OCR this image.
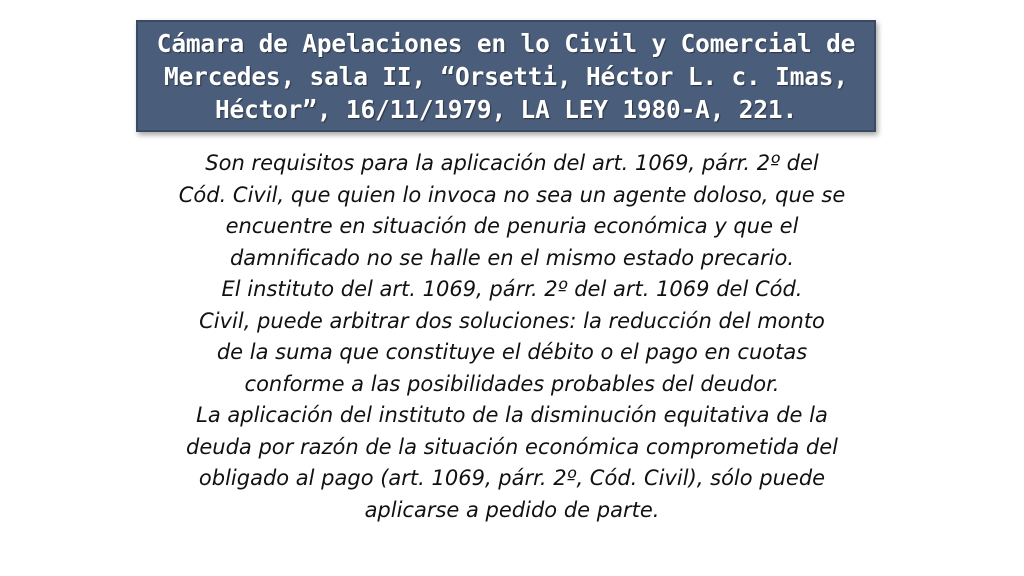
Cámara de Apelaciones en lo Civil y Comercial de
Mercedes, sala II, “Orsetti, Héctor L. c. Imas,
Héctor”, 16/11/1979, LA LEY 1980-A, 221.

Son requisitos para la aplicación del art. 1069, párr. 2º del
Cód. Civil, que quien lo invoca no sea un agente doloso, que se
encuentre en situación de penuria económica y que el
damnificado no se halle en el mismo estado precario.

El instituto del art. 1069, párr. 2º del art. 1069 del Cód.
Civil, puede arbitrar dos soluciones: la reducción del monto
de la suma que constituye el débito o el pago en cuotas
conforme a las posibilidades probables del deudor.

La aplicación del instituto de la disminución equitativa de la
deuda por razón de la situación económica comprometida del
obligado al pago (art. 1069, párr. 2º, Cód. Civil), sólo puede
aplicarse a pedido de parte.
